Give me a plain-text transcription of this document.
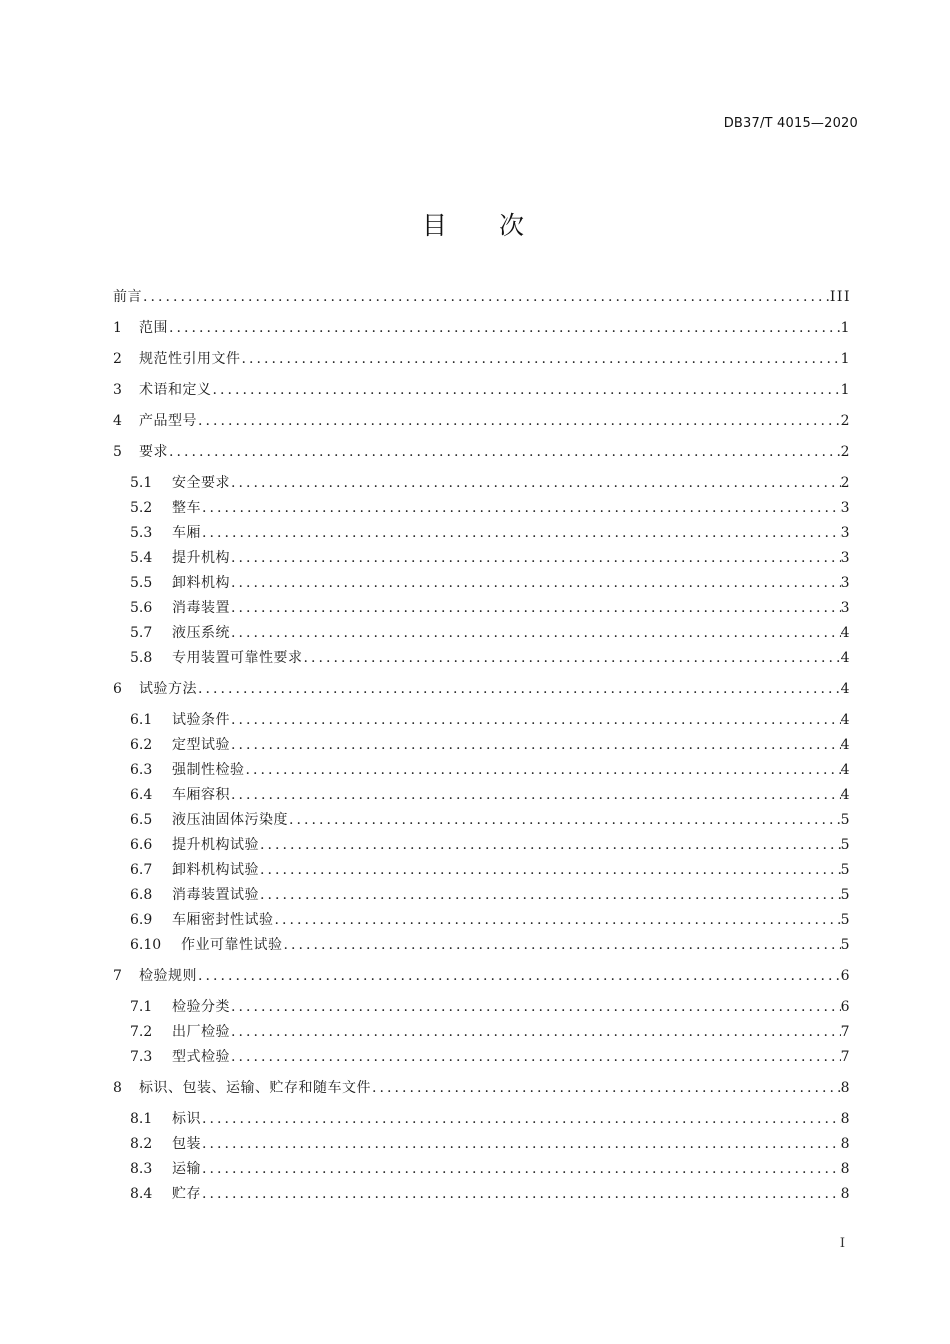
DB37/T 4015—2020
目 次
前言 .....	III
1	范围 .....	1
2	规范性引用文件 .....	1
3	术语和定义 .....	1
4	产品型号 .....	2
5	要求 .....	2
5.1	安全要求 .....	2
5.2	整车 .....	3
5.3	车厢 .....	3
5.4	提升机构 .....	3
5.5	卸料机构 .....	3
5.6	消毒装置 .....	3
5.7	液压系统 .....	4
5.8	专用装置可靠性要求 .....	4
6	试验方法 .....	4
6.1	试验条件 .....	4
6.2	定型试验 .....	4
6.3	强制性检验 .....	4
6.4	车厢容积 .....	4
6.5	液压油固体污染度 .....	5
6.6	提升机构试验 .....	5
6.7	卸料机构试验 .....	5
6.8	消毒装置试验 .....	5
6.9	车厢密封性试验 .....	5
6.10	作业可靠性试验 .....	5
7	检验规则 .....	6
7.1	检验分类 .....	6
7.2	出厂检验 .....	7
7.3	型式检验 .....	7
8	标识、包装、运输、贮存和随车文件 .....	8
8.1	标识 .....	8
8.2	包装 .....	8
8.3	运输 .....	8
8.4	贮存 .....	8
I
